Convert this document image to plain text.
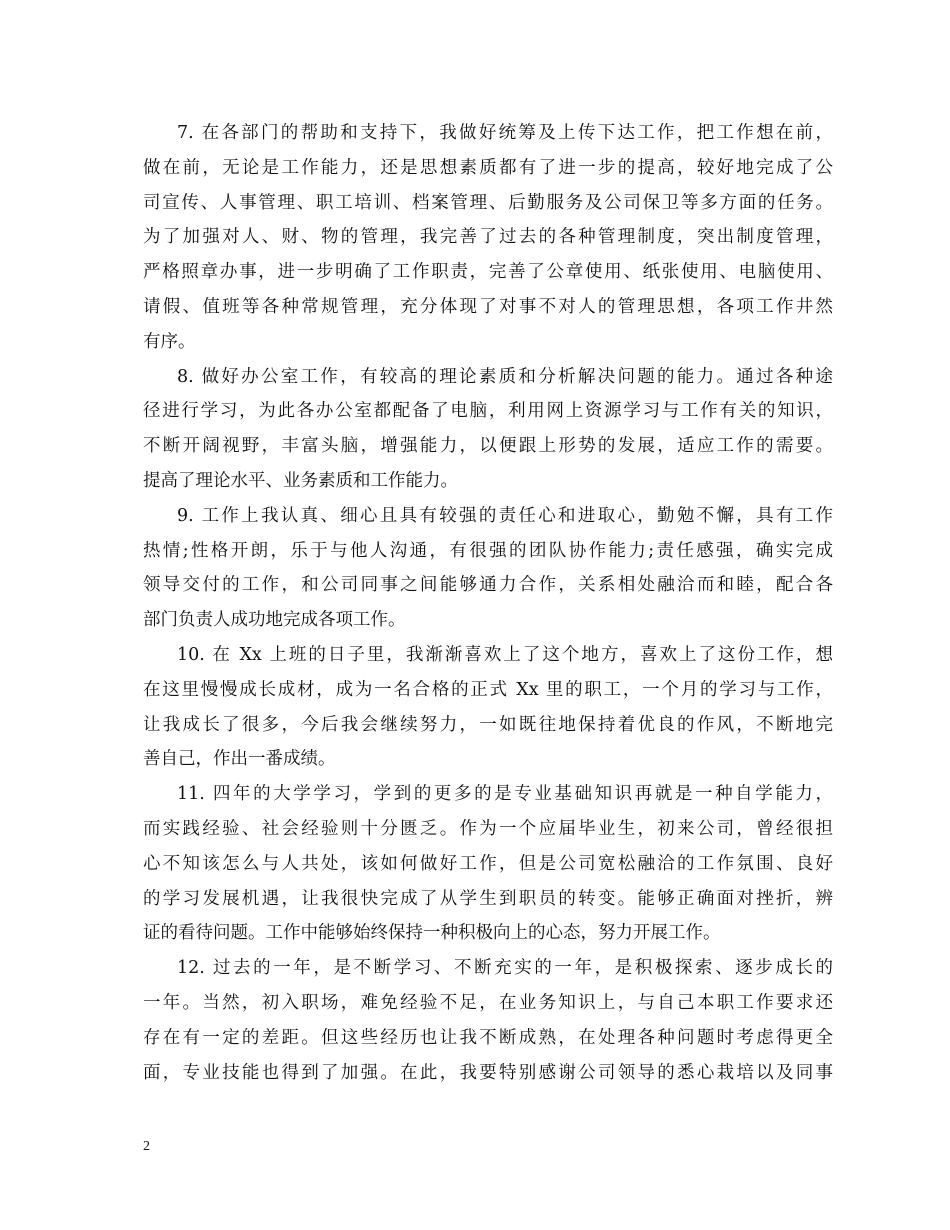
7. 在各部门的帮助和支持下，我做好统筹及上传下达工作，把工作想在前，
做在前，无论是工作能力，还是思想素质都有了进一步的提高，较好地完成了公
司宣传、人事管理、职工培训、档案管理、后勤服务及公司保卫等多方面的任务。
为了加强对人、财、物的管理，我完善了过去的各种管理制度，突出制度管理，
严格照章办事，进一步明确了工作职责，完善了公章使用、纸张使用、电脑使用、
请假、值班等各种常规管理，充分体现了对事不对人的管理思想，各项工作井然
有序。
8. 做好办公室工作，有较高的理论素质和分析解决问题的能力。通过各种途
径进行学习，为此各办公室都配备了电脑，利用网上资源学习与工作有关的知识，
不断开阔视野，丰富头脑，增强能力，以便跟上形势的发展，适应工作的需要。
提高了理论水平、业务素质和工作能力。
9. 工作上我认真、细心且具有较强的责任心和进取心，勤勉不懈，具有工作
热情;性格开朗，乐于与他人沟通，有很强的团队协作能力;责任感强，确实完成
领导交付的工作，和公司同事之间能够通力合作，关系相处融洽而和睦，配合各
部门负责人成功地完成各项工作。
10. 在 Xx 上班的日子里，我渐渐喜欢上了这个地方，喜欢上了这份工作，想
在这里慢慢成长成材，成为一名合格的正式 Xx 里的职工，一个月的学习与工作，
让我成长了很多，今后我会继续努力，一如既往地保持着优良的作风，不断地完
善自己，作出一番成绩。
11. 四年的大学学习，学到的更多的是专业基础知识再就是一种自学能力，
而实践经验、社会经验则十分匮乏。作为一个应届毕业生，初来公司，曾经很担
心不知该怎么与人共处，该如何做好工作，但是公司宽松融洽的工作氛围、良好
的学习发展机遇，让我很快完成了从学生到职员的转变。能够正确面对挫折，辨
证的看待问题。工作中能够始终保持一种积极向上的心态，努力开展工作。
12. 过去的一年，是不断学习、不断充实的一年，是积极探索、逐步成长的
一年。当然，初入职场，难免经验不足，在业务知识上，与自己本职工作要求还
存在有一定的差距。但这些经历也让我不断成熟，在处理各种问题时考虑得更全
面，专业技能也得到了加强。在此，我要特别感谢公司领导的悉心栽培以及同事
2
